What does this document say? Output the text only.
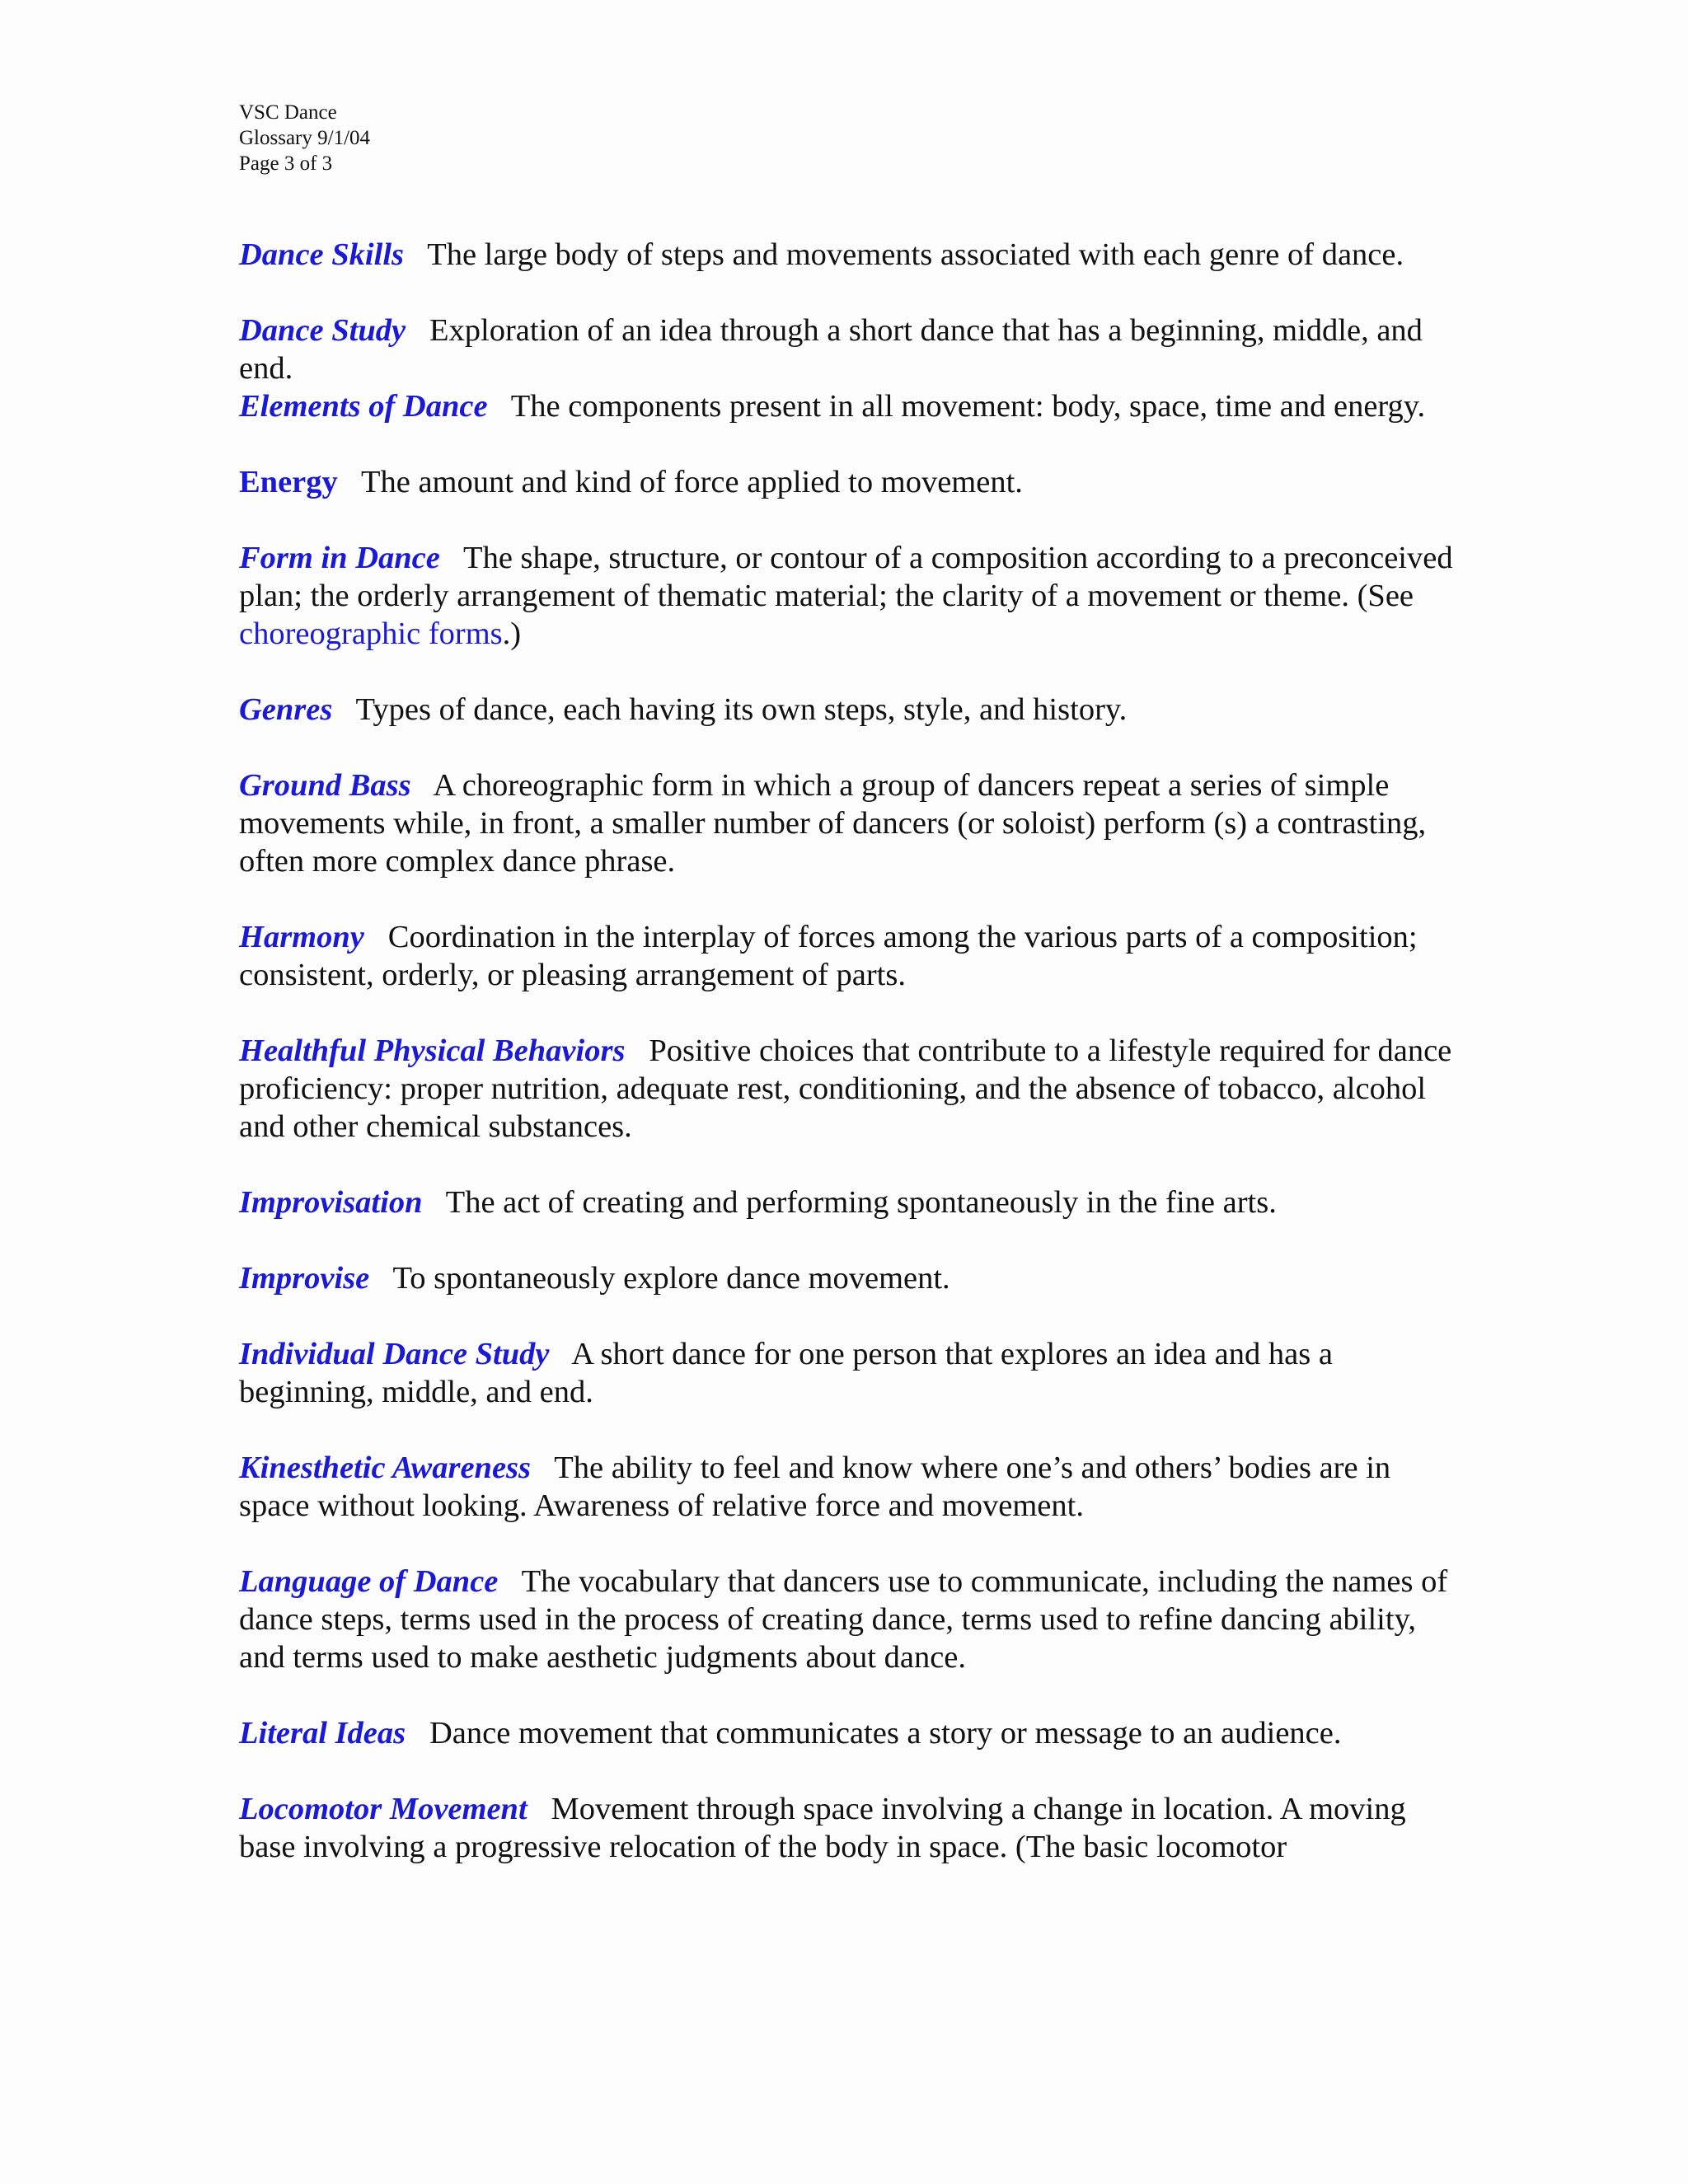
VSC Dance
Glossary 9/1/04
Page 3 of 3

Dance Skills The large body of steps and movements associated with each genre of dance.

Dance Study Exploration of an idea through a short dance that has a beginning, middle, and end.

Elements of Dance The components present in all movement: body, space, time and energy.

Energy The amount and kind of force applied to movement.

Form in Dance The shape, structure, or contour of a composition according to a preconceived plan; the orderly arrangement of thematic material; the clarity of a movement or theme. (See choreographic forms.)

Genres Types of dance, each having its own steps, style, and history.

Ground Bass A choreographic form in which a group of dancers repeat a series of simple movements while, in front, a smaller number of dancers (or soloist) perform (s) a contrasting, often more complex dance phrase.

Harmony Coordination in the interplay of forces among the various parts of a composition; consistent, orderly, or pleasing arrangement of parts.

Healthful Physical Behaviors Positive choices that contribute to a lifestyle required for dance proficiency: proper nutrition, adequate rest, conditioning, and the absence of tobacco, alcohol and other chemical substances.

Improvisation The act of creating and performing spontaneously in the fine arts.

Improvise To spontaneously explore dance movement.

Individual Dance Study A short dance for one person that explores an idea and has a beginning, middle, and end.

Kinesthetic Awareness The ability to feel and know where one’s and others’ bodies are in space without looking. Awareness of relative force and movement.

Language of Dance The vocabulary that dancers use to communicate, including the names of dance steps, terms used in the process of creating dance, terms used to refine dancing ability, and terms used to make aesthetic judgments about dance.

Literal Ideas Dance movement that communicates a story or message to an audience.

Locomotor Movement Movement through space involving a change in location. A moving base involving a progressive relocation of the body in space. (The basic locomotor
